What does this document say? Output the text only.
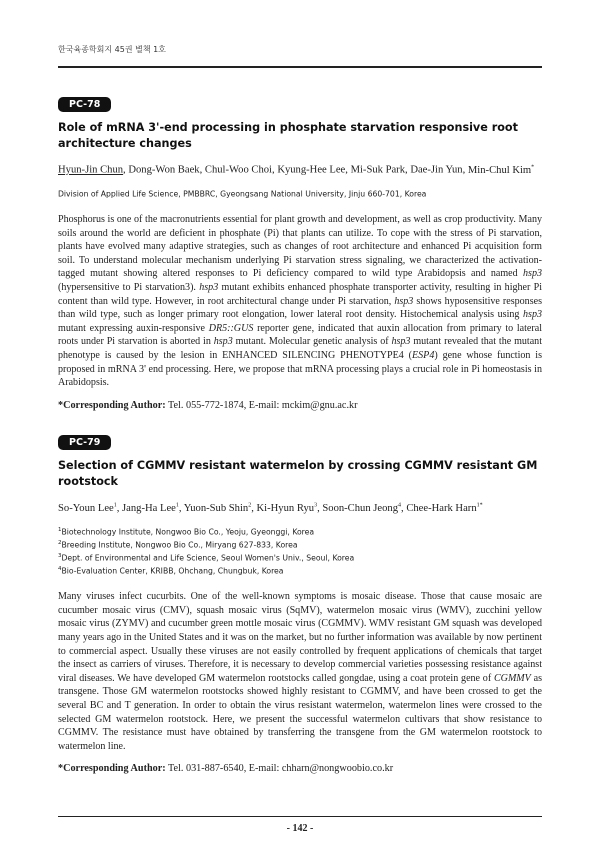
한국육종학회지 45권 별책 1호
PC-78
Role of mRNA 3'-end processing in phosphate starvation responsive root architecture changes
Hyun-Jin Chun, Dong-Won Baek, Chul-Woo Choi, Kyung-Hee Lee, Mi-Suk Park, Dae-Jin Yun, Min-Chul Kim*
Division of Applied Life Science, PMBBRC, Gyeongsang National University, Jinju 660-701, Korea
Phosphorus is one of the macronutrients essential for plant growth and development, as well as crop productivity. Many soils around the world are deficient in phosphate (Pi) that plants can utilize. To cope with the stress of Pi starvation, plants have evolved many adaptive strategies, such as changes of root architecture and enhanced Pi acquisition form soil. To understand molecular mechanism underlying Pi starvation stress signaling, we characterized the activation-tagged mutant showing altered responses to Pi deficiency compared to wild type Arabidopsis and named hsp3 (hypersensitive to Pi starvation3). hsp3 mutant exhibits enhanced phosphate transporter activity, resulting in higher Pi content than wild type. However, in root architectural change under Pi starvation, hsp3 shows hyposensitive responses than wild type, such as longer primary root elongation, lower lateral root density. Histochemical analysis using hsp3 mutant expressing auxin-responsive DR5::GUS reporter gene, indicated that auxin allocation from primary to lateral roots under Pi starvation is aborted in hsp3 mutant. Molecular genetic analysis of hsp3 mutant revealed that the mutant phenotype is caused by the lesion in ENHANCED SILENCING PHENOTYPE4 (ESP4) gene whose function is proposed in mRNA 3' end processing. Here, we propose that mRNA processing plays a crucial role in Pi homeostasis in Arabidopsis.
*Corresponding Author: Tel. 055-772-1874, E-mail: mckim@gnu.ac.kr
PC-79
Selection of CGMMV resistant watermelon by crossing CGMMV resistant GM rootstock
So-Youn Lee$^1$, Jang-Ha Lee$^1$, Yuon-Sub Shin$^2$, Ki-Hyun Ryu$^3$, Soon-Chun Jeong$^4$, Chee-Hark Harn$^{1*}$
$^1$Biotechnology Institute, Nongwoo Bio Co., Yeoju, Gyeonggi, Korea
$^2$Breeding Institute, Nongwoo Bio Co., Miryang 627-833, Korea
$^3$Dept. of Environmental and Life Science, Seoul Women's Univ., Seoul, Korea
$^4$Bio-Evaluation Center, KRIBB, Ohchang, Chungbuk, Korea
Many viruses infect cucurbits. One of the well-known symptoms is mosaic disease. Those that cause mosaic are cucumber mosaic virus (CMV), squash mosaic virus (SqMV), watermelon mosaic virus (WMV), zucchini yellow mosaic virus (ZYMV) and cucumber green mottle mosaic virus (CGMMV). WMV resistant GM squash was developed many years ago in the United States and it was on the market, but no further information was available by now pertinent to commercial aspect. Usually these viruses are not easily controlled by frequent applications of chemicals that target the insect as carriers of viruses. Therefore, it is necessary to develop commercial varieties possessing resistance against viral diseases. We have developed GM watermelon rootstocks called gongdae, using a coat protein gene of CGMMV as transgene. Those GM watermelon rootstocks showed highly resistant to CGMMV, and have been crossed to get the several BC and T generation. In order to obtain the virus resistant watermelon, watermelon lines were crossed to the selected GM watermelon rootstock. Here, we present the successful watermelon cultivars that show resistance to CGMMV. The resistance must have obtained by transferring the transgene from the GM watermelon rootstock to watermelon line.
*Corresponding Author: Tel. 031-887-6540, E-mail: chharn@nongwoobio.co.kr
- 142 -
